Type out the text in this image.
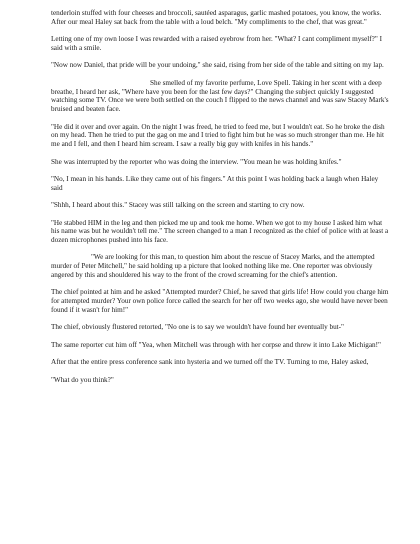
tenderloin stuffed with four cheeses and broccoli, sautéed asparagus, garlic mashed potatoes, you know, the works. After our meal Haley sat back from the table with a loud belch. "My compliments to the chef, that was great."

Letting one of my own loose I was rewarded with a raised eyebrow from her. "What? I cant compliment myself?" I said with a smile.

"Now now Daniel, that pride will be your undoing," she said, rising from her side of the table and sitting on my lap.

She smelled of my favorite perfume, Love Spell. Taking in her scent with a deep breathe, I heard her ask, "Where have you been for the last few days?" Changing the subject quickly I suggested watching some TV. Once we were both settled on the couch I flipped to the news channel and was saw Stacey Mark's bruised and beaten face.

"He did it over and over again. On the night I was freed, he tried to feed me, but I wouldn't eat. So he broke the dish on my head. Then he tried to put the gag on me and I tried to fight him but he was so much stronger than me. He hit me and I fell, and then I heard him scream. I saw a really big guy with knifes in his hands."

She was interrupted by the reporter who was doing the interview. "You mean he was holding knifes."

"No, I mean in his hands. Like they came out of his fingers." At this point I was holding back a laugh when Haley said

"Shhh, I heard about this." Stacey was still talking on the screen and starting to cry now.

"He stabbed HIM in the leg and then picked me up and took me home. When we got to my house I asked him what his name was but he wouldn't tell me." The screen changed to a man I recognized as the chief of police with at least a dozen microphones pushed into his face.

"We are looking for this man, to question him about the rescue of Stacey Marks, and the attempted murder of Peter Mitchell," he said holding up a picture that looked nothing like me. One reporter was obviously angered by this and shouldered his way to the front of the crowd screaming for the chief's attention.

The chief pointed at him and he asked "Attempted murder? Chief, he saved that girls life! How could you charge him for attempted murder? Your own police force called the search for her off two weeks ago, she would have never been found if it wasn't for him!"

The chief, obviously flustered retorted, "No one is to say we wouldn't have found her eventually but-"

The same reporter cut him off "Yea, when Mitchell was through with her corpse and threw it into Lake Michigan!"

After that the entire press conference sank into hysteria and we turned off the TV. Turning to me, Haley asked,

"What do you think?"
